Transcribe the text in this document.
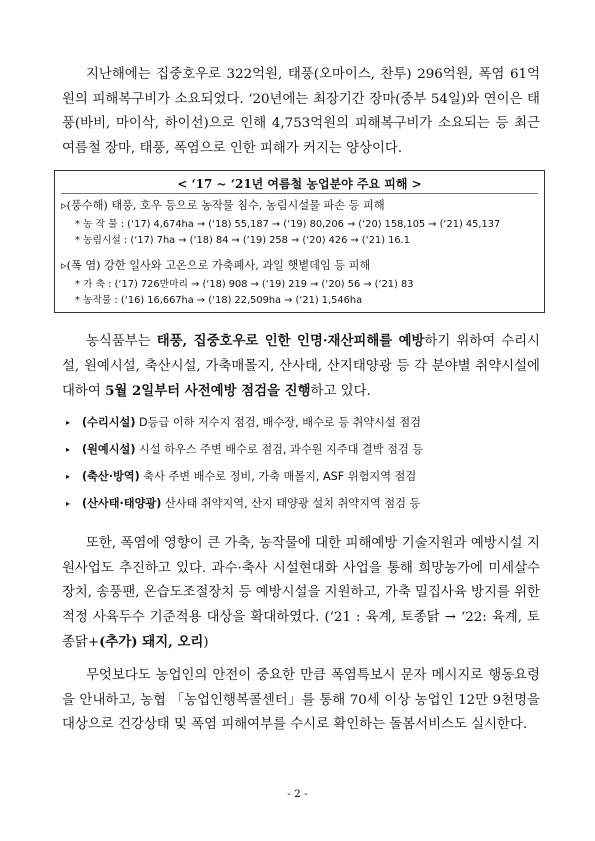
지난해에는 집중호우로 322억원, 태풍(오마이스, 찬투) 296억원, 폭염 61억원의 피해복구비가 소요되었다. ‘20년에는 최장기간 장마(중부 54일)와 연이은 태풍(바비, 마이삭, 하이선)으로 인해 4,753억원의 피해복구비가 소요되는 등 최근 여름철 장마, 태풍, 폭염으로 인한 피해가 커지는 양상이다.

< ‘17 ~ ‘21년 여름철 농업분야 주요 피해 >
▹(풍수해) 태풍, 호우 등으로 농작물 침수, 농림시설물 파손 등 피해
* 농 작 물 : (‘17) 4,674ha → (‘18) 55,187 → (‘19) 80,206 → (‘20) 158,105 → (‘21) 45,137
* 농림시설 : (‘17) 7ha → (‘18) 84 → (‘19) 258 → (‘20) 426 → (‘21) 16.1
▹(폭 염) 강한 일사와 고온으로 가축폐사, 과일 햇볕데임 등 피해
* 가 축 : (‘17) 726만마리 → (‘18) 908 → (‘19) 219 → (‘20) 56 → (‘21) 83
* 농작물 : (‘16) 16,667ha → (‘18) 22,509ha → (‘21) 1,546ha

농식품부는 태풍, 집중호우로 인한 인명·재산피해를 예방하기 위하여 수리시설, 원예시설, 축산시설, 가축매몰지, 산사태, 산지태양광 등 각 분야별 취약시설에 대하여 5월 2일부터 사전예방 점검을 진행하고 있다.

▸ (수리시설) D등급 이하 저수지 점검, 배수장, 배수로 등 취약시설 점검
▸ (원예시설) 시설 하우스 주변 배수로 점검, 과수원 지주대 결박 점검 등
▸ (축산·방역) 축사 주변 배수로 정비, 가축 매몰지, ASF 위험지역 점검
▸ (산사태·태양광) 산사태 취약지역, 산지 태양광 설치 취약지역 점검 등

또한, 폭염에 영향이 큰 가축, 농작물에 대한 피해예방 기술지원과 예방시설 지원사업도 추진하고 있다. 과수·축사 시설현대화 사업을 통해 희망농가에 미세살수장치, 송풍팬, 온습도조절장치 등 예방시설을 지원하고, 가축 밀집사육 방지를 위한 적정 사육두수 기준적용 대상을 확대하였다. (‘21 : 육계, 토종닭 → ‘22: 육계, 토종닭+(추가) 돼지, 오리)

무엇보다도 농업인의 안전이 중요한 만큼 폭염특보시 문자 메시지로 행동요령을 안내하고, 농협 「농업인행복콜센터」를 통해 70세 이상 농업인 12만 9천명을 대상으로 건강상태 및 폭염 피해여부를 수시로 확인하는 돌봄서비스도 실시한다.

- 2 -
